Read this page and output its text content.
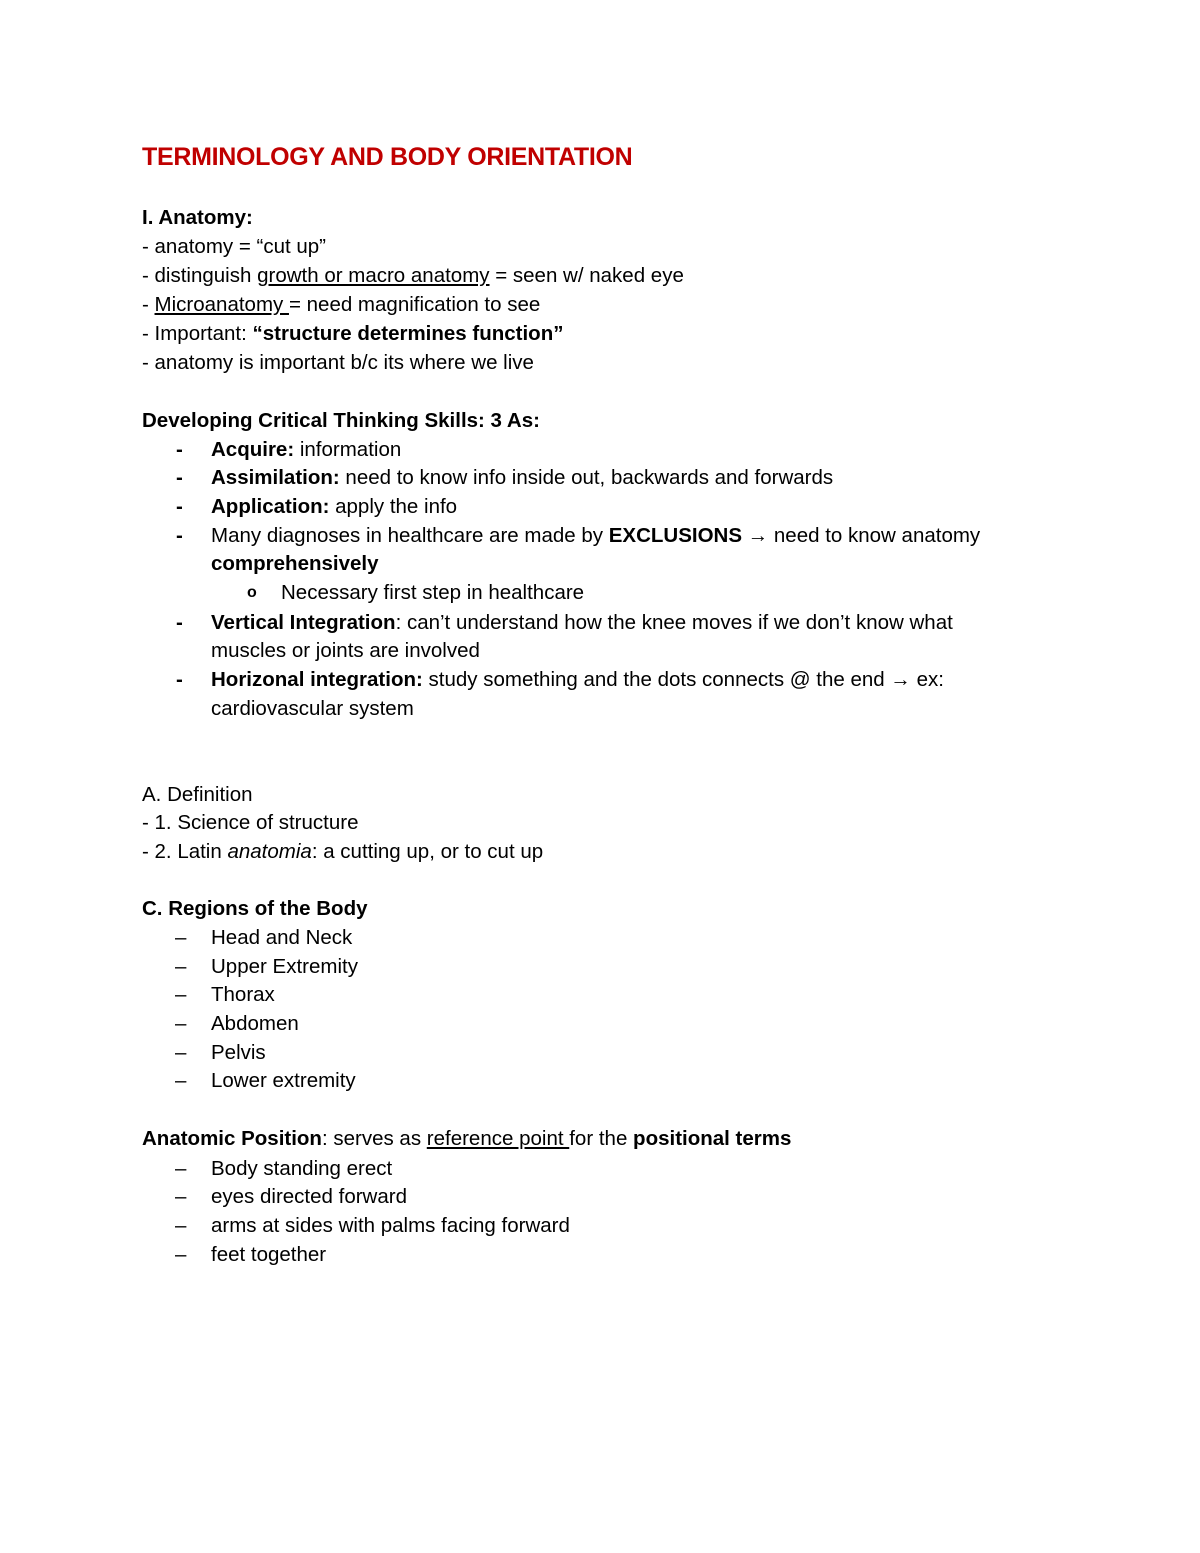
TERMINOLOGY AND BODY ORIENTATION
I. Anatomy:
- anatomy = “cut up”
- distinguish growth or macro anatomy = seen w/ naked eye
- Microanatomy = need magnification to see
- Important: “structure determines function”
- anatomy is important b/c its where we live
Developing Critical Thinking Skills: 3 As:
- Acquire: information
- Assimilation: need to know info inside out, backwards and forwards
- Application: apply the info
- Many diagnoses in healthcare are made by EXCLUSIONS → need to know anatomy
comprehensively
o Necessary first step in healthcare
- Vertical Integration: can’t understand how the knee moves if we don’t know what
muscles or joints are involved
- Horizonal integration: study something and the dots connects @ the end → ex:
cardiovascular system
A. Definition
- 1. Science of structure
- 2. Latin anatomia: a cutting up, or to cut up
C. Regions of the Body
– Head and Neck
– Upper Extremity
– Thorax
– Abdomen
– Pelvis
– Lower extremity
Anatomic Position: serves as reference point for the positional terms
– Body standing erect
– eyes directed forward
– arms at sides with palms facing forward
– feet together
